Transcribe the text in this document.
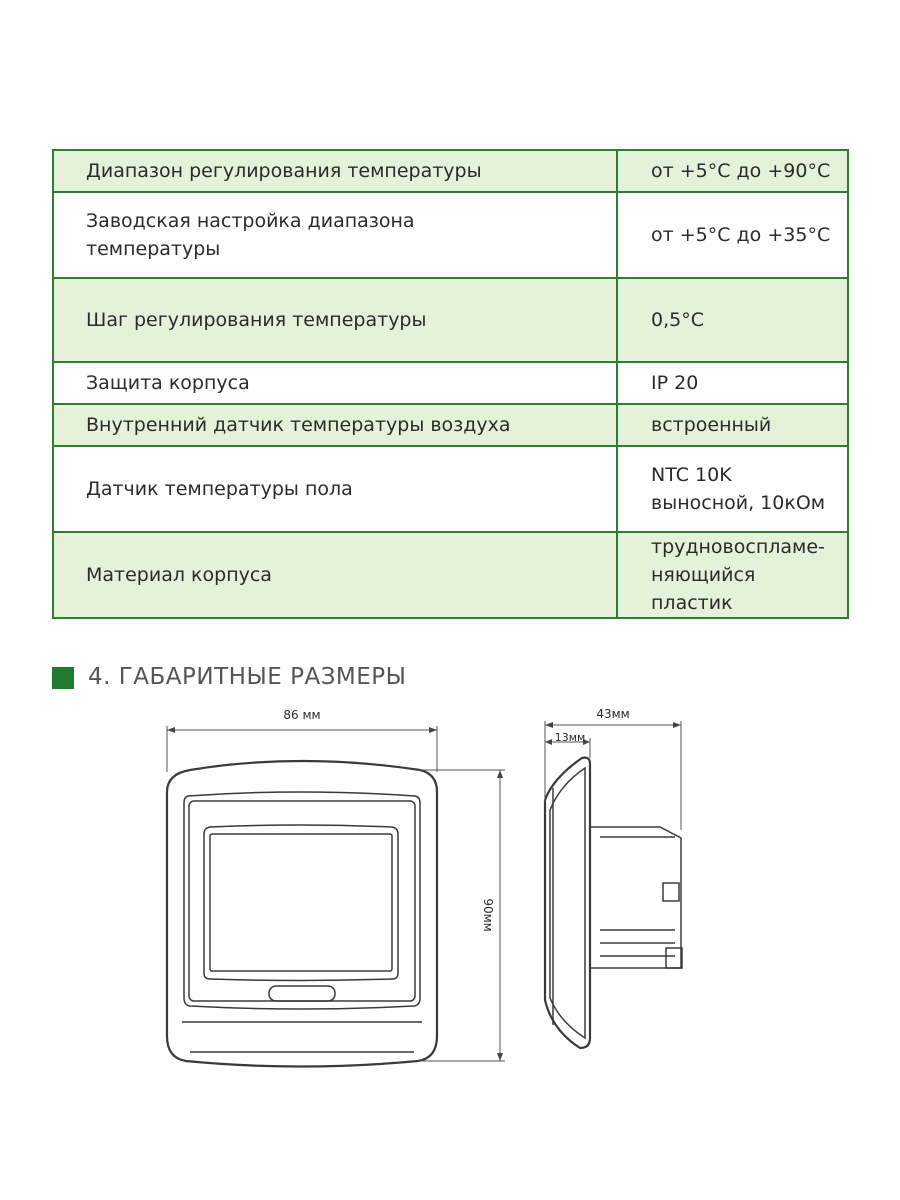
Диапазон регулирования температуры	от +5°С до +90°С
Заводская настройка диапазона температуры	от +5°С до +35°С
Шаг регулирования температуры	0,5°С
Защита корпуса	IP 20
Внутренний датчик температуры воздуха	встроенный
Датчик температуры пола	NTC 10K выносной, 10кОм
Материал корпуса	трудновоспламе-няющийся пластик
4. ГАБАРИТНЫЕ РАЗМЕРЫ
86 мм
90мм
43мм
13мм
